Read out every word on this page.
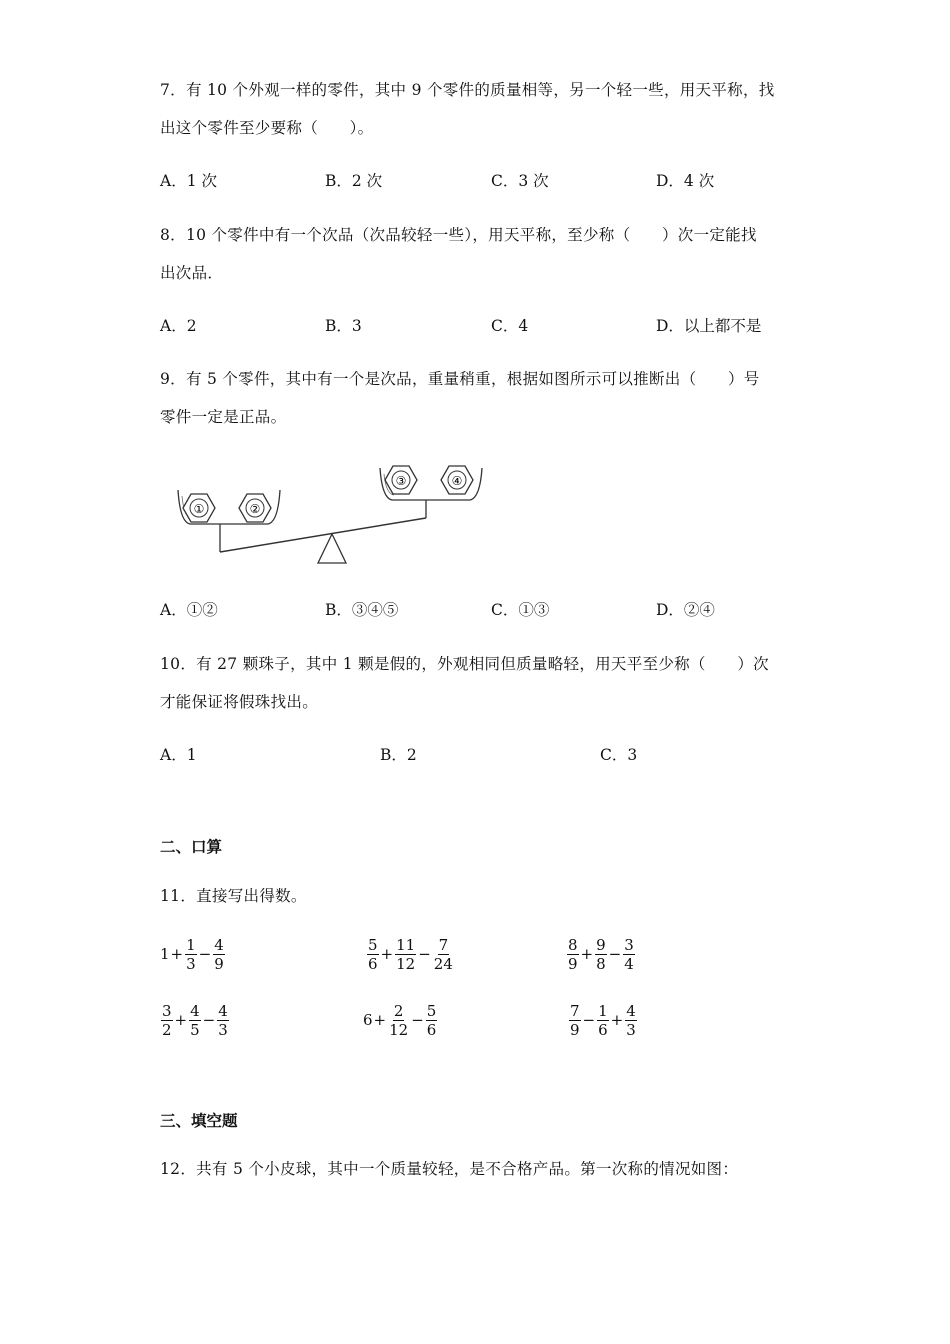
7．有 10 个外观一样的零件，其中 9 个零件的质量相等，另一个轻一些，用天平称，找
出这个零件至少要称（　　）。
A．1 次	B．2 次	C．3 次	D．4 次
8．10 个零件中有一个次品（次品较轻一些），用天平称，至少称（　　）次一定能找
出次品．
A．2	B．3	C．4	D．以上都不是
9．有 5 个零件，其中有一个是次品，重量稍重，根据如图所示可以推断出（　　）号
零件一定是正品。
①	②
③	④
A．①②	B．③④⑤	C．①③	D．②④
10．有 27 颗珠子，其中 1 颗是假的，外观相同但质量略轻，用天平至少称（　　）次
才能保证将假珠找出。
A．1	B．2	C．3
二、口算
11．直接写出得数。
$1 + \frac{1}{3} - \frac{4}{9}$	$\frac{5}{6} + \frac{11}{12} - \frac{7}{24}$	$\frac{8}{9} + \frac{9}{8} - \frac{3}{4}$
$\frac{3}{2} + \frac{4}{5} - \frac{4}{3}$	$6 + \frac{2}{12} - \frac{5}{6}$	$\frac{7}{9} - \frac{1}{6} + \frac{4}{3}$
三、填空题
12．共有 5 个小皮球，其中一个质量较轻，是不合格产品。第一次称的情况如图：
